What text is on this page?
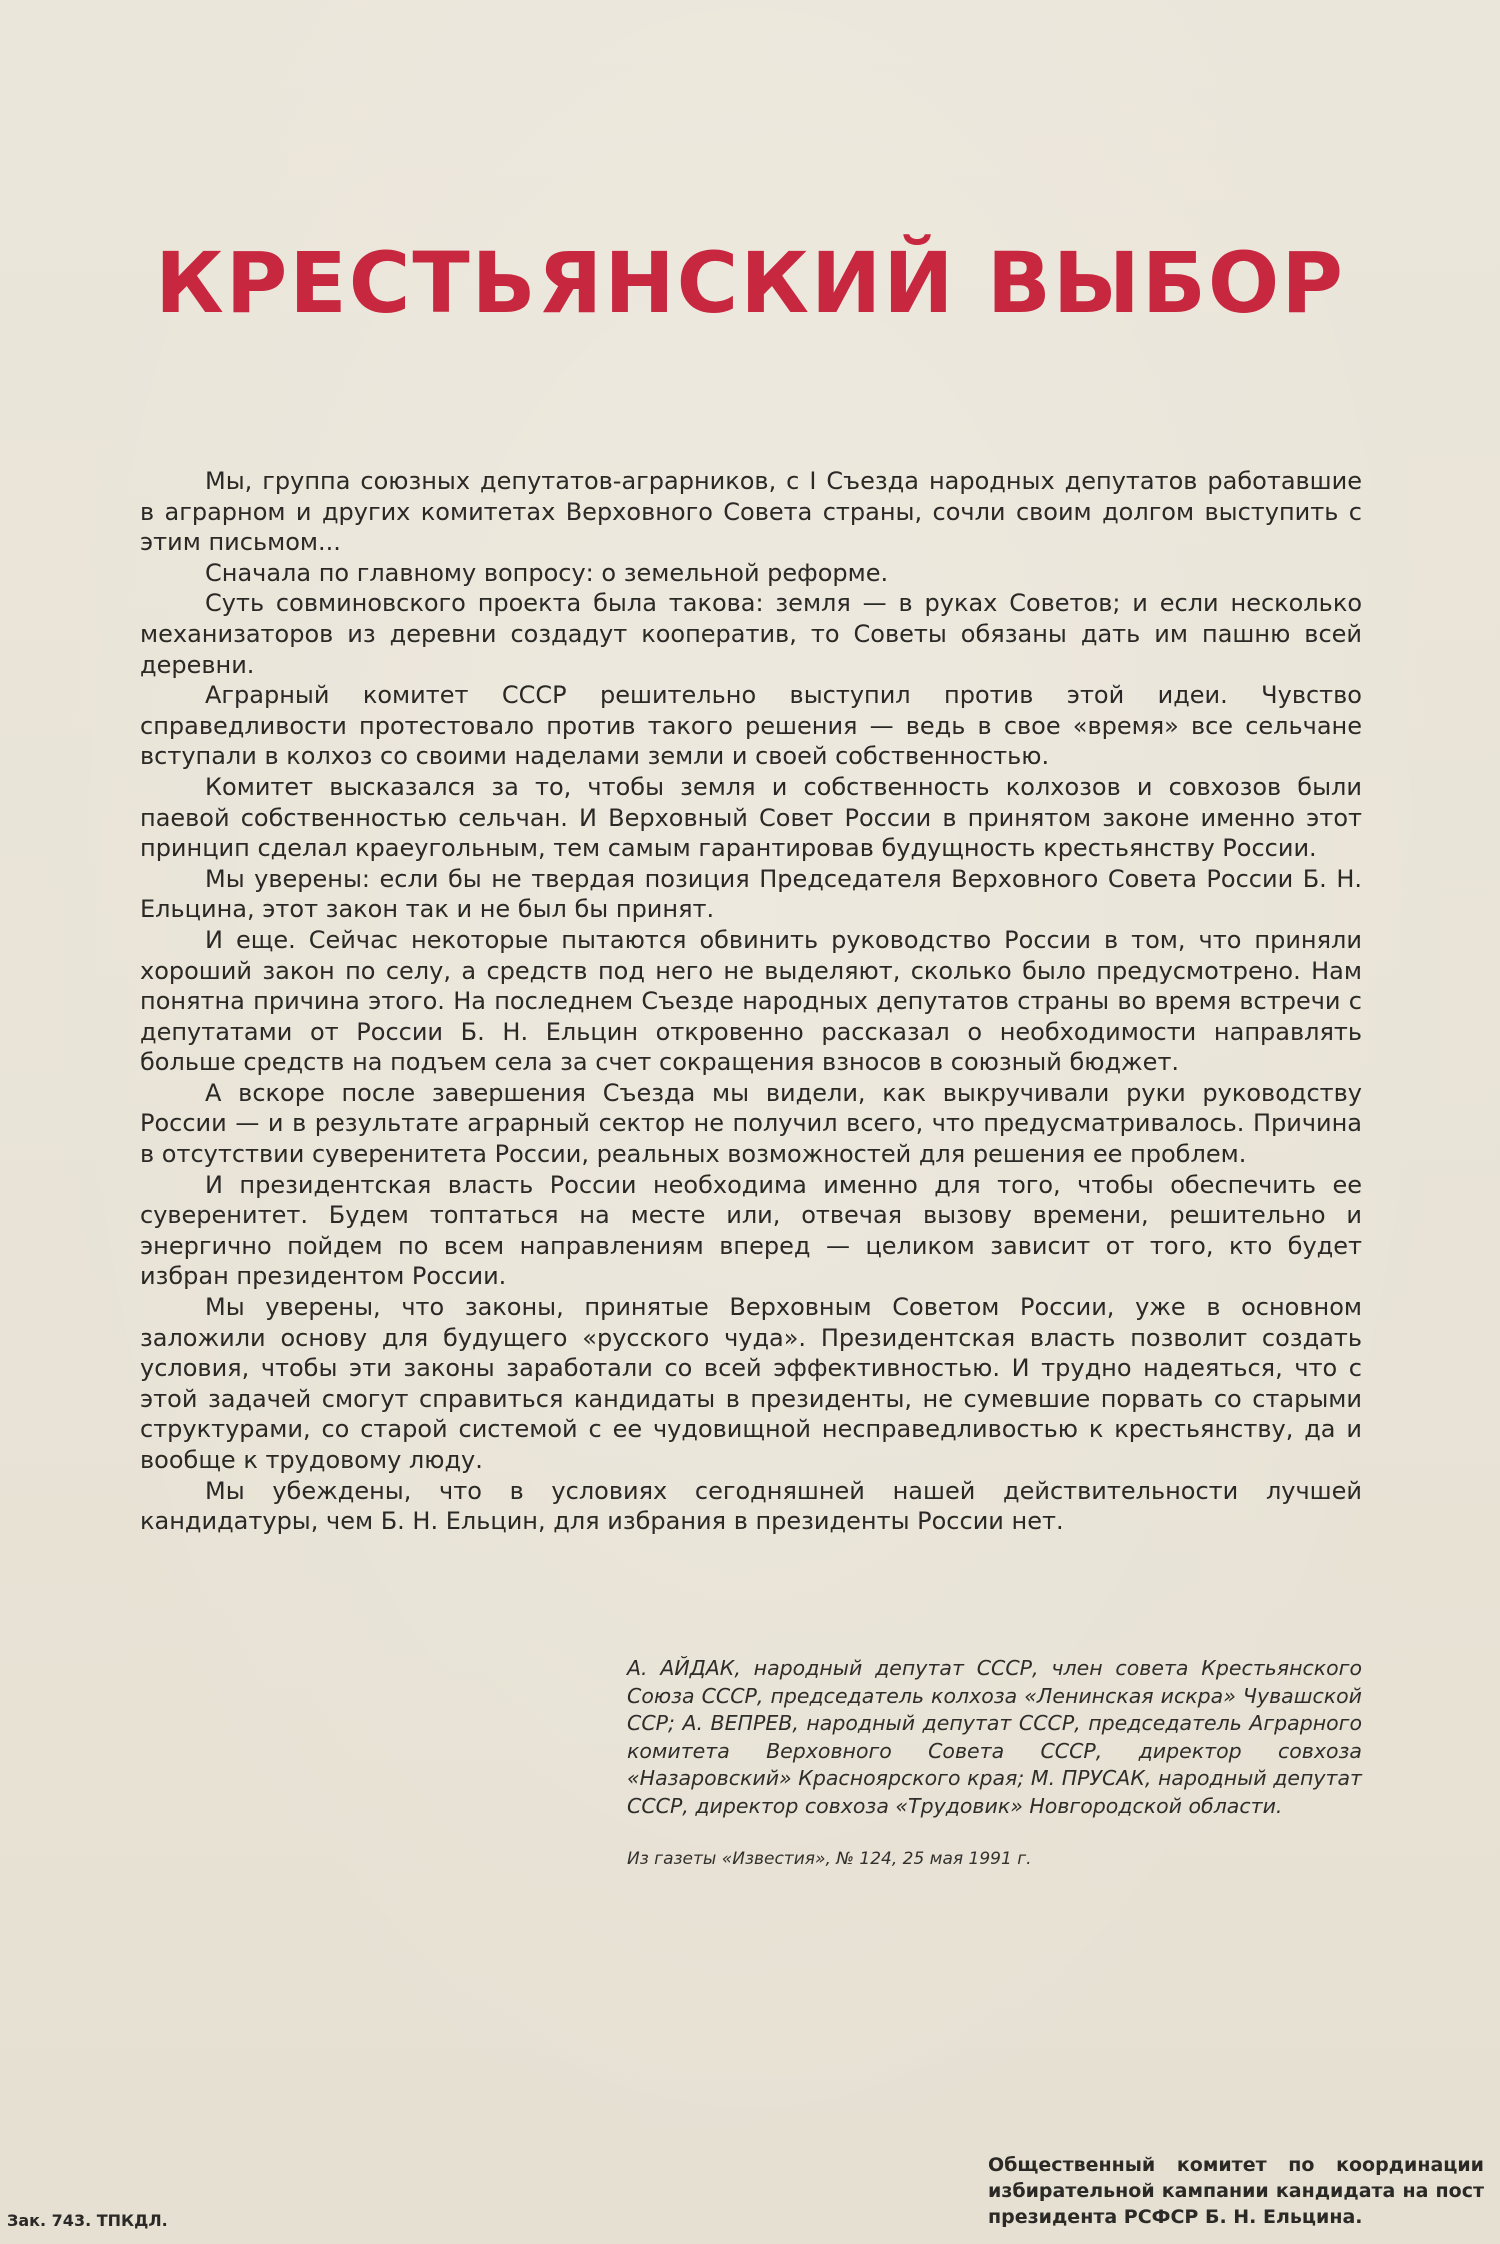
КРЕСТЬЯНСКИЙ ВЫБОР

Мы, группа союзных депутатов-аграрников, с I Съезда народных депутатов работавшие в аграрном и других комитетах Верховного Совета страны, сочли своим долгом выступить с этим письмом...

Сначала по главному вопросу: о земельной реформе.

Суть совминовского проекта была такова: земля — в руках Советов; и если несколько механизаторов из деревни создадут кооператив, то Советы обязаны дать им пашню всей деревни.

Аграрный комитет СССР решительно выступил против этой идеи. Чувство справедливости протестовало против такого решения — ведь в свое «время» все сельчане вступали в колхоз со своими наделами земли и своей собственностью.

Комитет высказался за то, чтобы земля и собственность колхозов и совхозов были паевой собственностью сельчан. И Верховный Совет России в принятом законе именно этот принцип сделал краеугольным, тем самым гарантировав будущность крестьянству России.

Мы уверены: если бы не твердая позиция Председателя Верховного Совета России Б. Н. Ельцина, этот закон так и не был бы принят.

И еще. Сейчас некоторые пытаются обвинить руководство России в том, что приняли хороший закон по селу, а средств под него не выделяют, сколько было предусмотрено. Нам понятна причина этого. На последнем Съезде народных депутатов страны во время встречи с депутатами от России Б. Н. Ельцин откровенно рассказал о необходимости направлять больше средств на подъем села за счет сокращения взносов в союзный бюджет.

А вскоре после завершения Съезда мы видели, как выкручивали руки руководству России — и в результате аграрный сектор не получил всего, что предусматривалось. Причина в отсутствии суверенитета России, реальных возможностей для решения ее проблем.

И президентская власть России необходима именно для того, чтобы обеспечить ее суверенитет. Будем топтаться на месте или, отвечая вызову времени, решительно и энергично пойдем по всем направлениям вперед — целиком зависит от того, кто будет избран президентом России.

Мы уверены, что законы, принятые Верховным Советом России, уже в основном заложили основу для будущего «русского чуда». Президентская власть позволит создать условия, чтобы эти законы заработали со всей эффективностью. И трудно надеяться, что с этой задачей смогут справиться кандидаты в президенты, не сумевшие порвать со старыми структурами, со старой системой с ее чудовищной несправедливостью к крестьянству, да и вообще к трудовому люду.

Мы убеждены, что в условиях сегодняшней нашей действительности лучшей кандидатуры, чем Б. Н. Ельцин, для избрания в президенты России нет.

А. АЙДАК, народный депутат СССР, член совета Крестьянского Союза СССР, председатель колхоза «Ленинская искра» Чувашской ССР; А. ВЕПРЕВ, народный депутат СССР, председатель Аграрного комитета Верховного Совета СССР, директор совхоза «Назаровский» Красноярского края; М. ПРУСАК, народный депутат СССР, директор совхоза «Трудовик» Новгородской области.

Из газеты «Известия», № 124, 25 мая 1991 г.

Зак. 743. ТПКДЛ.

Общественный комитет по координации избирательной кампании кандидата на пост президента РСФСР Б. Н. Ельцина.
